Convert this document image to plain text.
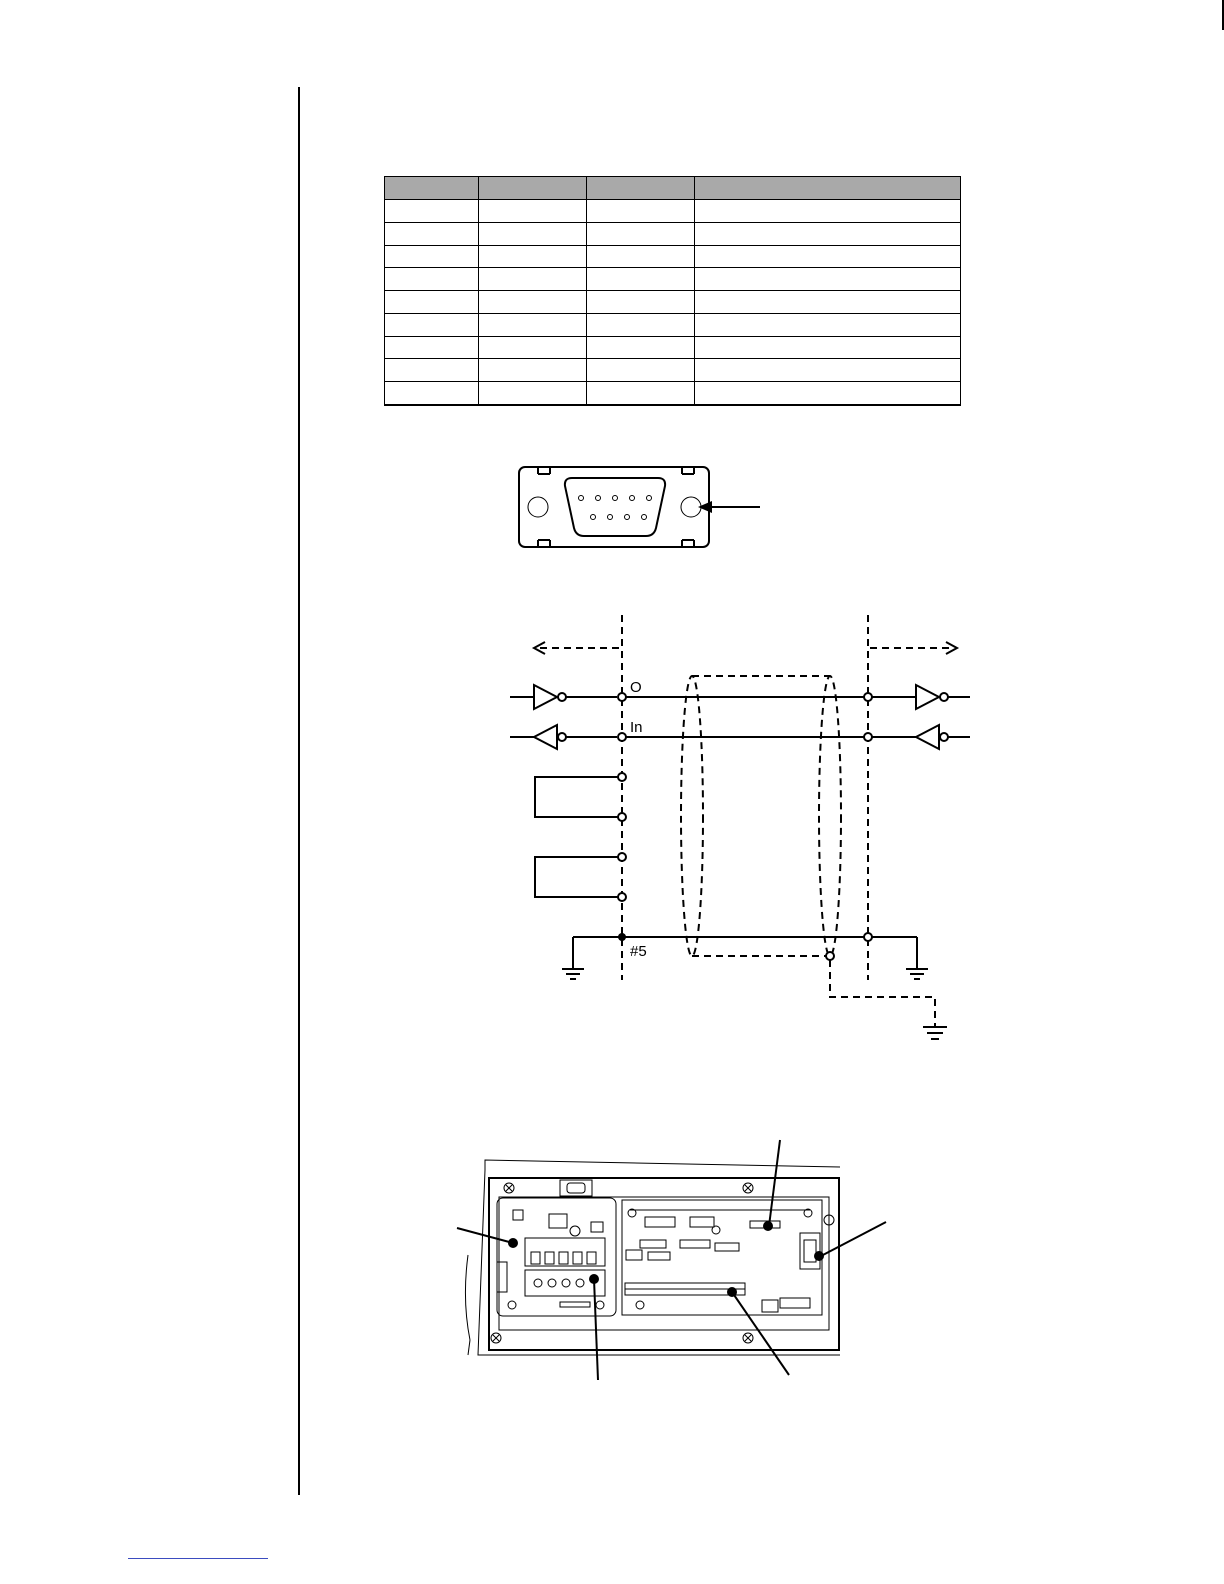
O
In
#5
